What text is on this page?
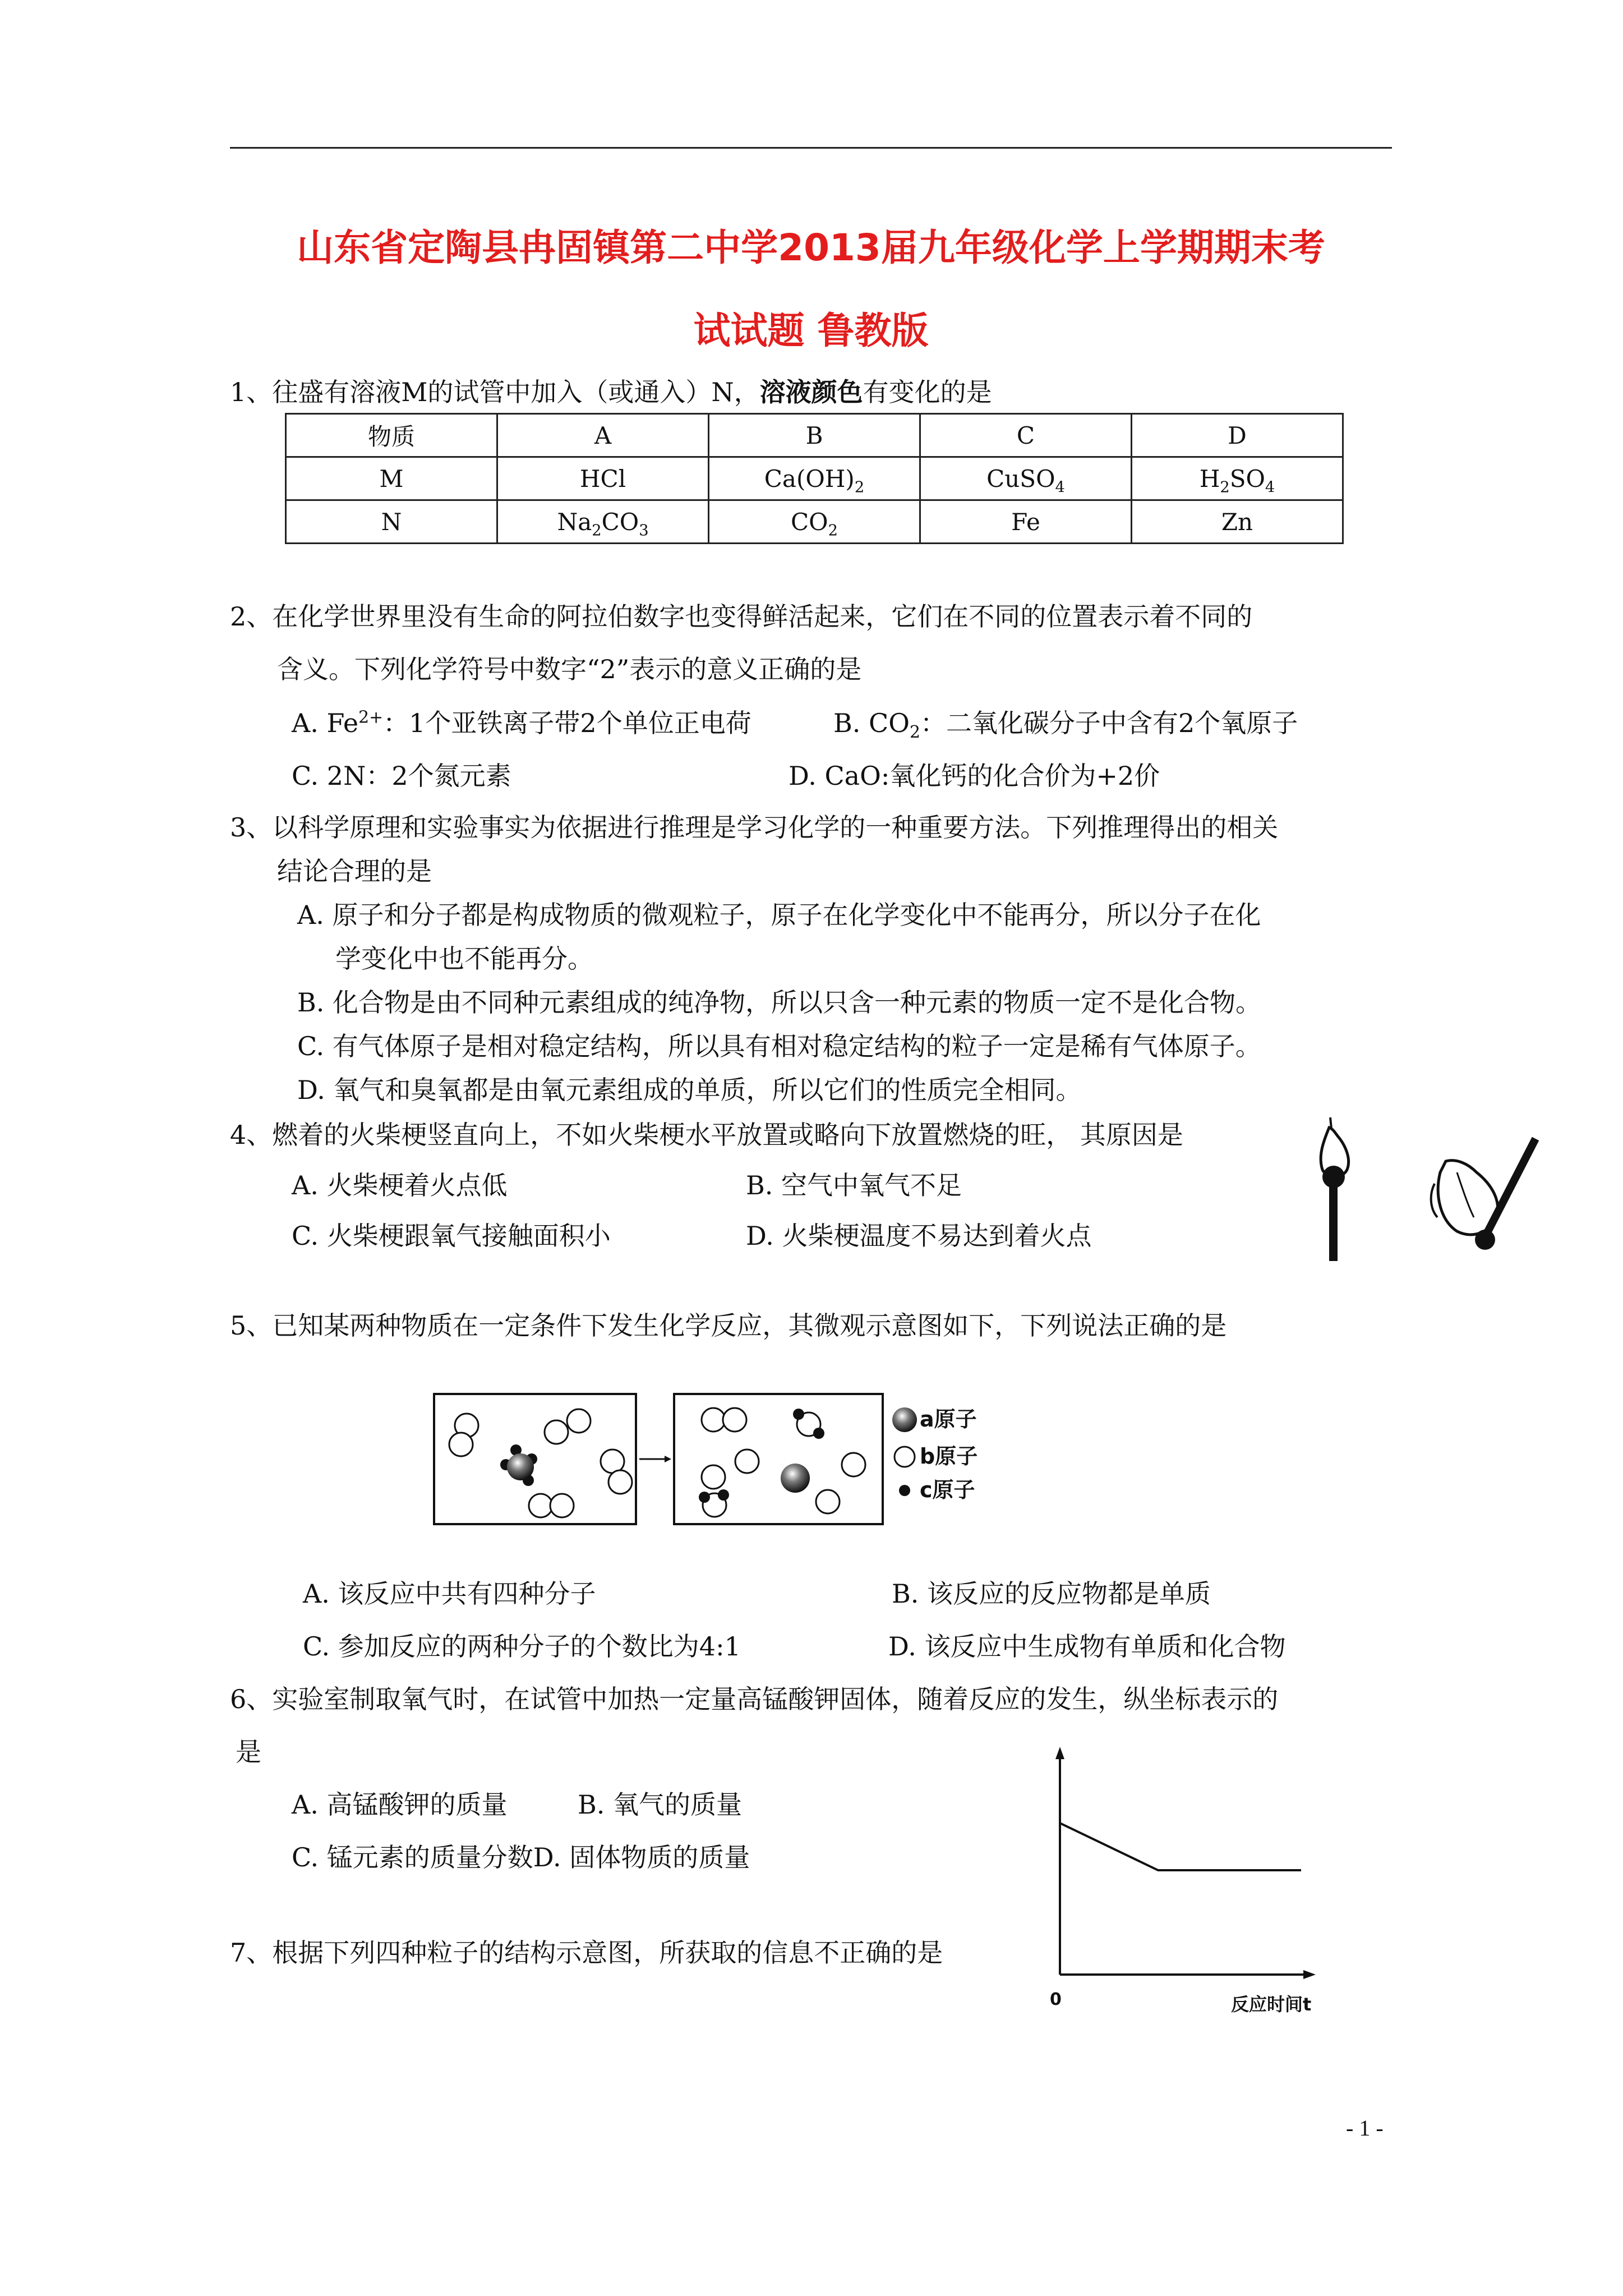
山东省定陶县冉固镇第二中学2013届九年级化学上学期期末考
试试题 鲁教版
1、往盛有溶液M的试管中加入（或通入）N，溶液颜色有变化的是
物质	A	B	C	D
M	HCl	$Ca(OH)_2$	CuSO$_4$	$H_2SO_4$
N	$Na_2CO_3$	$CO_2$	Fe	Zn
2、在化学世界里没有生命的阿拉伯数字也变得鲜活起来，它们在不同的位置表示着不同的
含义。下列化学符号中数字“2”表示的意义正确的是
A. $Fe^{2+}$：1个亚铁离子带2个单位正电荷	B. $CO_2$：二氧化碳分子中含有2个氧原子
C. 2N：2个氮元素	D. CaO:氧化钙的化合价为+2价
3、以科学原理和实验事实为依据进行推理是学习化学的一种重要方法。下列推理得出的相关
结论合理的是
A. 原子和分子都是构成物质的微观粒子，原子在化学变化中不能再分，所以分子在化
学变化中也不能再分。
B. 化合物是由不同种元素组成的纯净物，所以只含一种元素的物质一定不是化合物。
C. 有气体原子是相对稳定结构，所以具有相对稳定结构的粒子一定是稀有气体原子。
D. 氧气和臭氧都是由氧元素组成的单质，所以它们的性质完全相同。
4、燃着的火柴梗竖直向上，不如火柴梗水平放置或略向下放置燃烧的旺， 其原因是
A. 火柴梗着火点低	B. 空气中氧气不足
C. 火柴梗跟氧气接触面积小	D. 火柴梗温度不易达到着火点
5、已知某两种物质在一定条件下发生化学反应，其微观示意图如下，下列说法正确的是
a原子
b原子
c原子
A. 该反应中共有四种分子	B. 该反应的反应物都是单质
C. 参加反应的两种分子的个数比为4:1	D. 该反应中生成物有单质和化合物
6、实验室制取氧气时，在试管中加热一定量高锰酸钾固体，随着反应的发生，纵坐标表示的
是
A. 高锰酸钾的质量	B. 氧气的质量
C. 锰元素的质量分数D. 固体物质的质量
0	反应时间t
7、根据下列四种粒子的结构示意图，所获取的信息不正确的是
- 1 -
